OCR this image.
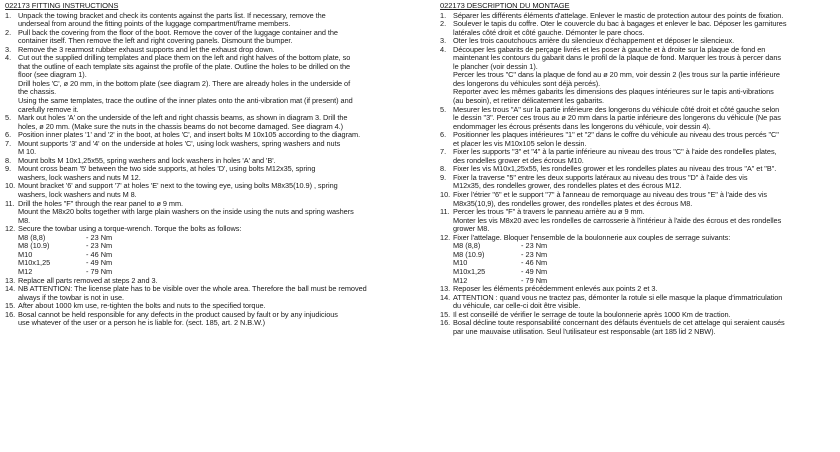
022173 FITTING INSTRUCTIONS
1. Unpack the towing bracket and check its contents against the parts list. If necessary, remove the
underseal from around the fitting points of the luggage compartment/frame members.
2. Pull back the covering from the floor of the boot. Remove the cover of the luggage container and the
container itself. Then remove the left and right covering panels. Dismount the bumper.
3. Remove the 3 rearmost rubber exhaust supports and let the exhaust drop down.
4. Cut out the supplied drilling templates and place them on the left and right halves of the bottom plate, so
that the outline of each template sits against the profile of the plate. Outline the holes to be drilled on the
floor (see diagram 1).
Drill holes 'C', ø 20 mm, in the bottom plate (see diagram 2). There are already holes in the underside of
the chassis.
Using the same templates, trace the outline of the inner plates onto the anti-vibration mat (if present) and
carefully remove it.
5. Mark out holes 'A' on the underside of the left and right chassis beams, as shown in diagram 3. Drill the
holes, ø 20 mm. (Make sure the nuts in the chassis beams do not become damaged. See diagram 4.)
6. Position inner plates '1' and '2' in the boot, at holes 'C', and insert bolts M 10x105 according to the diagram.
7. Mount supports '3' and '4' on the underside at holes 'C', using lock washers, spring washers and nuts
M 10.
8. Mount bolts M 10x1,25x55, spring washers and lock washers in holes 'A' and 'B'.
9. Mount cross beam '5' between the two side supports, at holes 'D', using bolts M12x35, spring
washers, lock washers and nuts M 12.
10. Mount bracket '6' and support '7' at holes 'E' next to the towing eye, using bolts M8x35(10.9) , spring
washers, lock washers and nuts M 8.
11. Drill the holes "F" through the rear panel to ø 9 mm.
Mount the M8x20 bolts together with large plain washers on the inside using the nuts and spring washers
M8.
12. Secure the towbar using a torque-wrench. Torque the bolts as follows:
M8 (8,8)	- 23 Nm
M8 (10.9)	- 23 Nm
M10	- 46 Nm
M10x1,25	- 49 Nm
M12	- 79 Nm
13. Replace all parts removed at steps 2 and 3.
14. NB ATTENTION: The license plate has to be visible over the whole area. Therefore the ball must be removed
always if the towbar is not in use.
15. After about 1000 km use, re-tighten the bolts and nuts to the specified torque.
16. Bosal cannot be held responsible for any defects in the product caused by fault or by any injudicious
use whatever of the user or a person he is liable for. (sect. 185, art. 2 N.B.W.)
022173 DESCRIPTION DU MONTAGE
1. Séparer les différents éléments d'attelage. Enlever le mastic de protection autour des points de fixation.
2. Soulever le tapis du coffre. Oter le couvercle du bac à bagages et enlever le bac. Déposer les garnitures
latérales côté droit et côté gauche. Démonter le pare chocs.
3. Oter les trois caoutchoucs arrière du silencieux d'échappement et déposer le silencieux.
4. Découper les gabarits de perçage livrés et les poser à gauche et à droite sur la plaque de fond en
maintenant les contours du gabarit dans le profil de la plaque de fond. Marquer les trous à percer dans
le plancher (voir dessin 1).
Percer les trous "C" dans la plaque de fond au ø 20 mm, voir dessin 2 (les trous sur la partie inférieure
des longerons du véhicules sont déjà percés).
Reporter avec les mêmes gabarits les dimensions des plaques intérieures sur le tapis anti-vibrations
(au besoin), et retirer délicatement les gabarits.
5. Mesurer les trous "A" sur la partie inférieure des longerons du véhicule côté droit et côté gauche selon
le dessin "3". Percer ces trous au ø 20 mm dans la partie inférieure des longerons du véhicule (Ne pas
endommager les écrous présents dans les longerons du véhicule, voir dessin 4).
6. Positionner les plaques intérieures "1" et "2" dans le coffre du véhicule au niveau des trous percés "C"
et placer les vis M10x105 selon le dessin.
7. Fixer les supports "3" et "4" à la partie inférieure au niveau des trous "C" à l'aide des rondelles plates,
des rondelles grower et des écrous M10.
8. Fixer les vis M10x1,25x55, les rondelles grower et les rondelles plates au niveau des trous "A" et "B".
9. Fixer la traverse "5" entre les deux supports latéraux au niveau des trous "D" à l'aide des vis
M12x35, des rondelles grower, des rondelles plates et des écrous M12.
10. Fixer l'étrier "6" et le support "7" à l'anneau de remorquage au niveau des trous "E" à l'aide des vis
M8x35(10,9), des rondelles grower, des rondelles plates et des écrous M8.
11. Percer les trous "F" à travers le panneau arrière au ø 9 mm.
Monter les vis M8x20 avec les rondelles de carrosserie à l'intérieur à l'aide des écrous et des rondelles
grower M8.
12. Fixer l'attelage. Bloquer l'ensemble de la boulonnerie aux couples de serrage suivants:
M8 (8,8)	- 23 Nm
M8 (10.9)	- 23 Nm
M10	- 46 Nm
M10x1,25	- 49 Nm
M12	- 79 Nm
13. Reposer les éléments précédemment enlevés aux points 2 et 3.
14. ATTENTION : quand vous ne tractez pas, démonter la rotule si elle masque la plaque d'immatriculation
du véhicule, car celle-ci doit être visible.
15. Il est conseillé de vérifier le serrage de toute la boulonnerie après 1000 Km de traction.
16. Bosal décline toute responsabilité concernant des défauts éventuels de cet attelage qui seraient causés
par une mauvaise utilisation. Seul l'utilisateur est responsable (art 185 lid 2 NBW).
